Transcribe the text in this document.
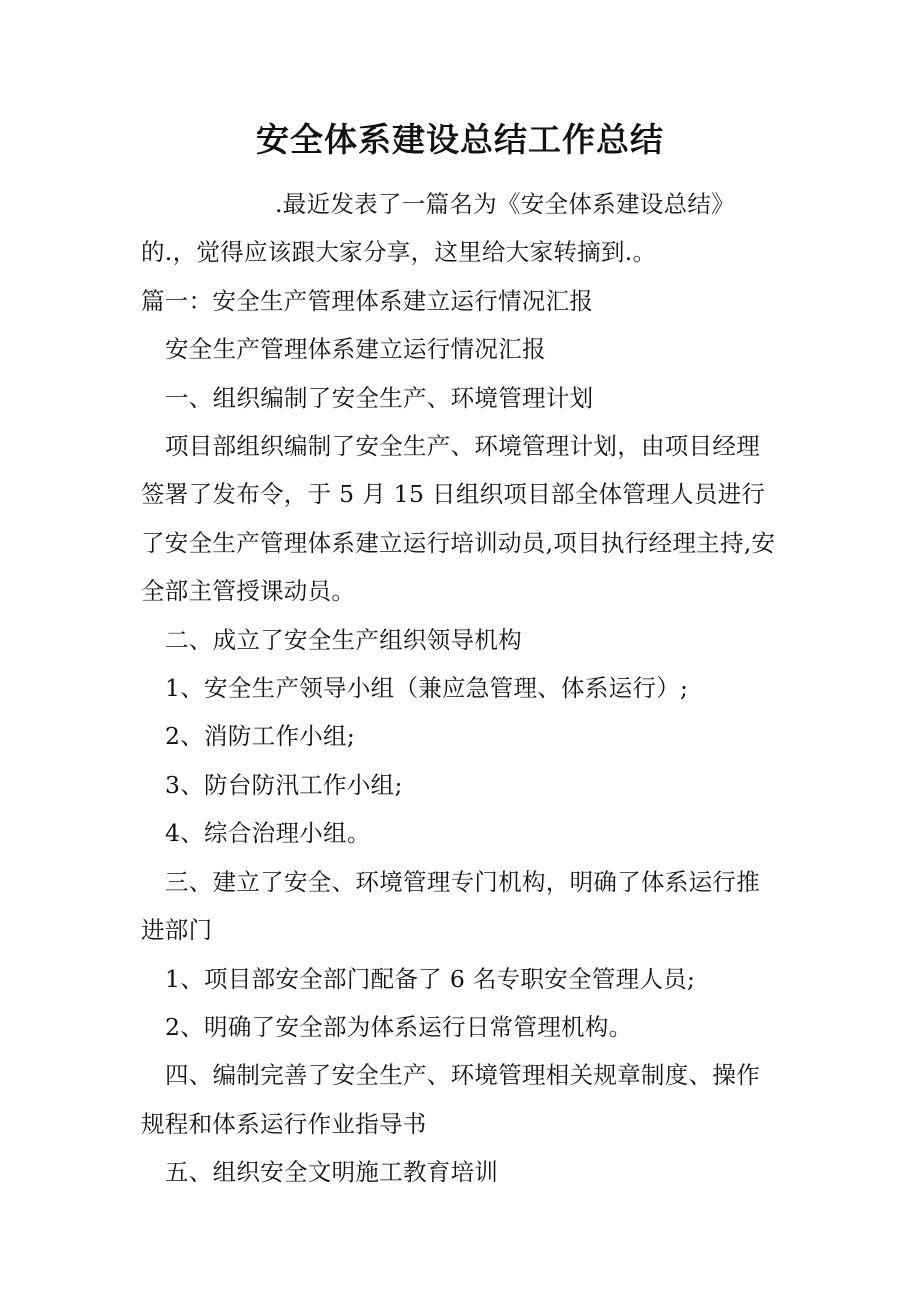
安全体系建设总结工作总结

.最近发表了一篇名为《安全体系建设总结》的.，觉得应该跟大家分享，这里给大家转摘到.。

篇一：安全生产管理体系建立运行情况汇报

安全生产管理体系建立运行情况汇报

一、组织编制了安全生产、环境管理计划

项目部组织编制了安全生产、环境管理计划，由项目经理签署了发布令，于 5 月 15 日组织项目部全体管理人员进行了安全生产管理体系建立运行培训动员,项目执行经理主持,安全部主管授课动员。

二、成立了安全生产组织领导机构

1、安全生产领导小组（兼应急管理、体系运行）;

2、消防工作小组;

3、防台防汛工作小组;

4、综合治理小组。

三、建立了安全、环境管理专门机构，明确了体系运行推进部门

1、项目部安全部门配备了 6 名专职安全管理人员;

2、明确了安全部为体系运行日常管理机构。

四、编制完善了安全生产、环境管理相关规章制度、操作规程和体系运行作业指导书

五、组织安全文明施工教育培训
